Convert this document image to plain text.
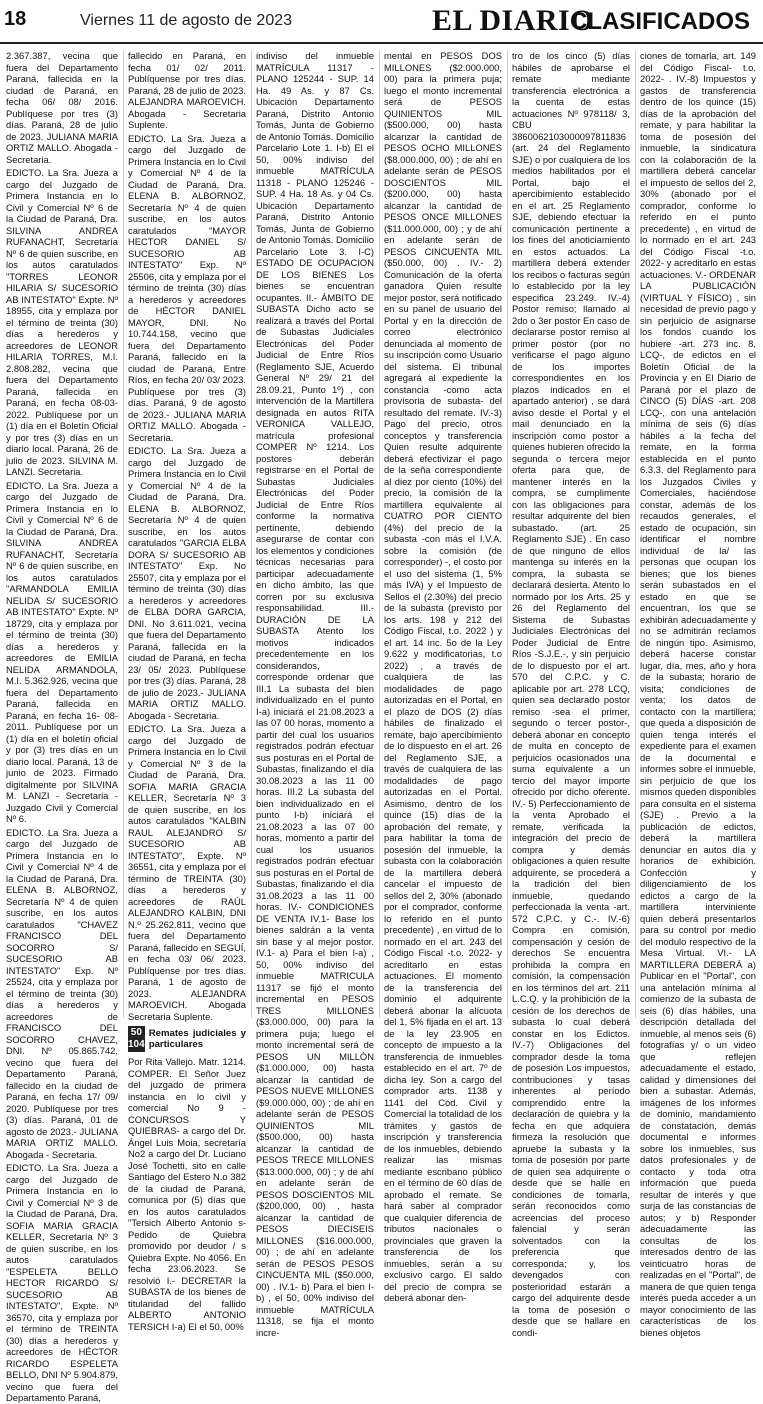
18	Viernes 11 de agosto de 2023	EL DIARIO
CLASIFICADOS

2.367.387, vecina que fuera del Departamento Paraná, fallecida en la ciudad de Paraná, en fecha 06/ 08/ 2016. Publíquese por tres (3) días. Paraná, 28 de julio de 2023. JULIANA MARIA ORTIZ MALLO. Abogada - Secretaria.

EDICTO. La Sra. Jueza a cargo del Juzgado de Primera Instancia en lo Civil y Comercial Nº 6 de la Ciudad de Paraná, Dra. SILVINA ANDREA RUFANACHT, Secretaría Nº 6 de quien suscribe, en los autos caratulados "TORRES LEONOR HILARIA S/ SUCESORIO AB INTESTATO" Expte. Nº 18955, cita y emplaza por el término de treinta (30) días a herederos y acreedores de LEONOR HILARIA TORRES, M.I. 2.808.282, vecina que fuera del Departamento Paraná, fallecida en Paraná, en fecha 08-03- 2022. Publíquese por un (1) día en el Boletín Oficial y por tres (3) días en un diario local. Paraná, 26 de julio de 2023. SILVINA M. LANZI. Secretaria.

EDICTO. La Sra. Jueza a cargo del Juzgado de Primera Instancia en lo Civil y Comercial Nº 6 de la Ciudad de Paraná, Dra. SILVINA ANDREA RUFANACHT, Secretaría Nº 6 de quien suscribe, en los autos caratulados "ARMANDOLA EMILIA NELIDA S/ SUCESORIO AB INTESTATO" Expte. Nº 18729, cita y emplaza por el término de treinta (30) días a herederos y acreedores de EMILIA NELIDA ARMANDOLA, M.I. 5.362.926, vecina que fuera del Departamento Paraná, fallecida en Paraná, en fecha 16- 08- 2011. Publíquese por un (1) día en el boletín oficial y por (3) tres días en un diario local. Paraná, 13 de junio de 2023. Firmado digitalmente por SILVINA M. LANZI - Secretaria - Juzgado Civil y Comercial Nº 6.

EDICTO. La Sra. Jueza a cargo del Juzgado de Primera Instancia en lo Civil y Comercial Nº 4 de la Ciudad de Paraná, Dra. ELENA B. ALBORNOZ, Secretaría Nº 4 de quien suscribe, en los autos caratulados "CHAVEZ FRANCISCO DEL SOCORRO S/ SUCESORIO AB INTESTATO" Exp. Nº 25524, cita y emplaza por el término de treinta (30) días a herederos y acreedores de FRANCISCO DEL SOCORRO CHAVEZ, DNI. Nº 05.865.742, vecino que fuera del Departamento Paraná, fallecido en la ciudad de Paraná, en fecha 17/ 09/ 2020. Publíquese por tres (3) días. Paraná, 01 de agosto de 2023.- JULIANA MARIA ORTIZ MALLO. Abogada - Secretaria.

EDICTO. La Sra. Jueza a cargo del Juzgado de Primera Instancia en lo Civil y Comercial Nº 3 de la Ciudad de Paraná, Dra. SOFIA MARIA GRACIA KELLER, Secretaría Nº 3 de quien suscribe, en los autos caratulados "ESPELETA BELLO HECTOR RICARDO S/ SUCESORIO AB INTESTATO", Expte. Nº 36570, cita y emplaza por el término de TREINTA (30) días a herederos y acreedores de HÉCTOR RICARDO ESPELETA BELLO, DNI Nº 5.904.879, vecino que fuera del Departamento Paraná,

fallecido en Paraná, en fecha 01/ 02/ 2011. Publíquense por tres días. Paraná, 28 de julio de 2023. ALEJANDRA MAROEVICH. Abogada - Secretaria Suplente.

EDICTO. La Sra. Jueza a cargo del Juzgado de Primera Instancia en lo Civil y Comercial Nº 4 de la Ciudad de Paraná, Dra. ELENA B. ALBORNOZ, Secretaría Nº 4 de quien suscribe, en los autos caratulados "MAYOR HECTOR DANIEL S/ SUCESORIO AB INTESTATO" Exp. Nº 25506, cita y emplaza por el término de treinta (30) días a herederos y acreedores de HÉCTOR DANIEL MAYOR, DNI. No 10.744.158, vecino que fuera del Departamento Paraná, fallecido en la ciudad de Paraná, Entre Ríos, en fecha 20/ 03/ 2023. Publíquese por tres (3) días. Paraná, 9 de agosto de 2023.- JULIANA MARIA ORTIZ MALLO. Abogada - Secretaria.

EDICTO. La Sra. Jueza a cargo del Juzgado de Primera Instancia en lo Civil y Comercial Nº 4 de la Ciudad de Paraná, Dra. ELENA B. ALBORNOZ, Secretaría Nº 4 de quien suscribe, en los autos caratulados "GARCIA ELBA DORA S/ SUCESORIO AB INTESTATO" Exp. No 25507, cita y emplaza por el término de treinta (30) días a herederos y acreedores de ELBA DORA GARCIA, DNI. No 3.611.021, vecina que fuera del Departamento Paraná, fallecida en la ciudad de Paraná, en fecha 23/ 05/ 2023. Publíquese por tres (3) días. Paraná, 28 de julio de 2023.- JULIANA MARIA ORTIZ MALLO. Abogada - Secretaria.

EDICTO. La Sra. Jueza a cargo del Juzgado de Primera Instancia en lo Civil y Comercial Nº 3 de la Ciudad de Paraná, Dra. SOFIA MARIA GRACIA KELLER, Secretaría Nº 3 de quien suscribe, en los autos caratulados "KALBIN RAUL ALEJANDRO S/ SUCESORIO AB INTESTATO", Expte. Nº 36551, cita y emplaza por el término de TREINTA (30) días a herederos y acreedores de RAÚL ALEJANDRO KALBIN, DNI N.º 25.262.811, vecino que fuera del Departamento Paraná, fallecido en SEGUÍ, en fecha 03/ 06/ 2023. Publíquense por tres días. Paraná, 1 de agosto de 2023. ALEJANDRA MAROEVICH. Abogada Secretaria Suplente.

50 104
Remates judiciales y particulares

Por Rita Vallejo. Matr. 1214. COMPER. El Señor Juez del juzgado de primera instancia en lo civil y comercial No 9 - CONCURSOS Y QUIEBRAS- a cargo del Dr. Ángel Luis Moia, secretaría No2 a cargo del Dr. Luciano José Tochetti, sito en calle Santiago del Estero N.o 382 de la ciudad de Paraná, comunica por (5) días que en los autos caratulados "Tersich Alberto Antonio s- Pedido de Quiebra promovido por deudor / s Quiebra Expte. No 4056. En fecha 23.06.2023. Se resolvió I.- DECRETAR la SUBASTA de los bienes de titularidad del fallido ALBERTO ANTONIO TERSICH I-a) El el 50, 00%

indiviso del inmueble MATRÍCULA 11317 - PLANO 125244 - SUP. 14 Ha. 49 As. y 87 Cs. Ubicación Departamento Paraná, Distrito Antonio Tomás, Junta de Gobierno de Antonio Tomás. Domicilio Parcelario Lote 1. I-b) El el 50, 00% indiviso del inmueble MATRÍCULA 11318 - PLANO 125246 - SUP. 4 Ha. 18 As. y 04 Cs. Ubicación Departamento Paraná, Distrito Antonio Tomás, Junta de Gobierno de Antonio Tomás. Domicilio Parcelario Lote 3. I-C) ESTADO DE OCUPACION DE LOS BIENES Los bienes se encuentran ocupantes. II.- ÁMBITO DE SUBASTA Dicho acto se realizará a través del Portal de Subastas Judiciales Electrónicas del Poder Judicial de Entre Ríos (Reglamento SJE, Acuerdo General Nº 29/ 21 del 28.09.21, Punto 1º) , con intervención de la Martillera designada en autos RITA VERONICA VALLEJO, matrícula profesional COMPER Nº 1214. Los postores deberán registrarse en el Portal de Subastas Judiciales Electrónicas del Poder Judicial de Entre Ríos conforme la normativa pertinente, debiendo asegurarse de contar con los elementos y condiciones técnicas necesarias para participar adecuadamente en dicho ámbito, las que corren por su exclusiva responsabilidad. III.- DURACIÓN DE LA SUBASTA Atento los motivos indicados precedentemente en los considerandos, corresponde ordenar que III.1 La subasta del bien individualizado en el punto I-a) iniciará el 21.08.2023 a las 07 00 horas, momento a partir del cual los usuarios registrados podrán efectuar sus posturas en el Portal de Subastas, finalizando el día 30.08.2023 a las 11 00 horas. III.2 La subasta del bien individualizado en el punto I-b) iniciará el 21.08.2023 a las 07 00 horas, momento a partir del cual los usuarios registrados podrán efectuar sus posturas en el Portal de Subastas, finalizando el día 31.08.2023 a las 11 00 horas. IV.- CONDICIONES DE VENTA IV.1- Base los bienes saldrán a la venta sin base y al mejor postor. IV.1- a) Para el bien I-a) , 50, 00% indiviso del inmueble MATRICULA 11317 se fijó el monto incremental en PESOS TRES MILLONES ($3.000.000, 00) para la primera puja; luego el monto incremental será de PESOS UN MILLÓN ($1.000.000, 00) hasta alcanzar la cantidad de PESOS NUEVE MILLONES ($9.000.000, 00) ; de ahí en adelante serán de PESOS QUINIENTOS MIL ($500.000, 00) hasta alcanzar la cantidad de PESOS TRECE MILLONES ($13.000.000, 00) ; y de ahí en adelante serán de PESOS DOSCIENTOS MIL ($200.000, 00) , hasta alcanzar la cantidad de PESOS DIECISEIS MILLONES ($16.000.000, 00) ; de ahí en adelante serán de PESOS PESOS CINCUENTA MIL ($50.000, 00) . IV.1- b) Para el bien I-b) , el 50, 00% indiviso del inmueble MATRÍCULA 11318, se fija el monto incre-

mental en PESOS DOS MILLONES ($2.000.000, 00) para la primera puja; luego el monto incremental será de PESOS QUINIENTOS MIL ($500.000, 00) hasta alcanzar la cantidad de PESOS OCHO MILLONES ($8.000.000, 00) ; de ahí en adelante serán de PESOS DOSCIENTOS MIL ($200.000, 00) hasta alcanzar la cantidad de PESOS ONCE MILLONES ($11.000.000, 00) ; y de ahí en adelante serán de PESOS CINCUENTA MIL ($50.000, 00) . IV.- 2) Comunicación de la oferta ganadora Quien resulte mejor postor, será notificado en su panel de usuario del Portal y en la dirección de correo electrónico denunciada al momento de su inscripción como Usuario del sistema. El tribunal agregará al expediente la constancia -como acta provisoria de subasta- del resultado del remate. IV.-3) Pago del precio, otros conceptos y transferencia Quien resulte adquirente deberá efectivizar el pago de la seña correspondiente al diez por ciento (10%) del precio, la comisión de la martillera equivalente al CUATRO POR CIENTO (4%) del precio de la subasta -con más el I.V.A. sobre la comisión (de corresponder) -, el costo por el uso del sistema (1, 5% más IVA) y el Impuesto de Sellos el (2.30%) del precio de la subasta (previsto por los arts. 198 y 212 del Código Fiscal, t.o. 2022 ) y el art. 14 inc. 5o de la Ley 9.622 y modificatorias, t.o 2022) , a través de cualquiera de las modalidades de pago autorizadas en el Portal, en el plazo de DOS (2) días hábiles de finalizado el remate, bajo apercibimiento de lo dispuesto en el art. 26 del Reglamento SJE, a través de cualquiera de las modalidades de pago autorizadas en el Portal. Asimismo, dentro de los quince (15) días de la aprobación del remate, y para habilitar la toma de posesión del inmueble, la subasta con la colaboración de la martillera deberá cancelar el impuesto de sellos del 2, 30% (abonado por el comprador, conforme lo referido en el punto precedente) , en virtud de lo normado en el art. 243 del Código Fiscal -t.o. 2022- y acreditarlo en estas actuaciones. El momento de la transferencia del dominio el adquirente deberá abonar la alícuota del 1, 5% fijada en el art. 13 de la ley 23.905 en concepto de impuesto a la transferencia de inmuebles establecido en el art. 7º de dicha ley. Son a cargo del comprador arts. 1138 y 1141 del Cód. Civil y Comercial la totalidad de los trámites y gastos de inscripción y transferencia de los inmuebles, debiendo realizar las mismas mediante escribano público en el término de 60 días de aprobado el remate. Se hará saber al comprador que cualquier diferencia de tributos nacionales o provinciales que graven la transferencia de los inmuebles, serán a su exclusivo cargo. El saldo del precio de compra se deberá abonar den-

tro de los cinco (5) días hábiles de aprobarse el remate mediante transferencia electrónica a la cuenta de estas actuaciones Nº 978118/ 3, CBU 3860062103000097811836 (art. 24 del Reglamento SJE) o por cualquiera de los medios habilitados por el Portal, bajo el apercibimiento establecido en el art. 25 Reglamento SJE, debiendo efectuar la comunicación pertinente a los fines del anoticiamiento en estos actuados. La martillera deberá extender los recibos o facturas según lo establecido por la ley especifica 23.249. IV.-4) Postor remiso; llamado al 2do o 3er postor En caso de declararse postor remiso al primer postor (por no verificarse el pago alguno de los importes correspondientes en los plazos indicados en el apartado anterior) , se dará aviso desde el Portal y el mail denunciado en la inscripción como postor a quienes hubieren ofrecido la segunda o tercera mejor oferta para que, de mantener interés en la compra, se cumplimente con las obligaciones para resultar adquirente del bien subastado. (art. 25 Reglamento SJE) . En caso de que ninguno de ellos mantenga su interés en la compra, la subasta se declarará desierta. Atento lo normado por los Arts. 25 y 26 del Reglamento del Sistema de Subastas Judiciales Electrónicas del Poder Judicial de Entre Ríos -S.J.E.-, y sin perjuicio de lo dispuesto por el art. 570 del C.P.C. y C. aplicable por art. 278 LCQ, quien sea declarado postor remiso -sea el primer, segundo o tercer postor-, deberá abonar en concepto de multa en concepto de perjuicios ocasionados una suma equivalente a un tercio del mayor importe ofrecido por dicho oferente. IV.- 5) Perfeccionamiento de la venta Aprobado el remate, verificada la integración del precio de compra y demás obligaciones a quien resulte adquirente, se procederá a la tradición del bien inmueble, quedando perfeccionada la venta -art. 572 C.P.C. y C.-. IV.-6) Compra en comisión, compensación y cesión de derechos Se encuentra prohibida la compra en comisión, la compensación en los términos del art. 211 L.C.Q. y la prohibición de la cesión de los derechos de subasta lo cual deberá constar en los Edictos. IV.-7) Obligaciones del comprador desde la toma de posesión Los impuestos, contribuciones y tasas inherentes al período comprendido entre la declaración de quiebra y la fecha en que adquiera firmeza la resolución que apruebe la subasta y la toma de posesión por parte de quien sea adquirente o desde que se halle en condiciones de tomarla, serán reconocidos como acreencias del proceso falencial y serán solventados con la preferencia que corresponda; y, los devengados con posterioridad estarán a cargo del adquirente desde la toma de posesión o desde que se hallare en condi-

ciones de tomarla, art. 149 del Código Fiscal- t.o. 2022- . IV.-8) Impuestos y gastos de transferencia dentro de los quince (15) días de la aprobación del remate, y para habilitar la toma de posesión del inmueble, la sindicatura con la colaboración de la martillera deberá cancelar el impuesto de sellos del 2, 30% (abonado por el comprador, conforme lo referido en el punto precedente) , en virtud de lo normado en el art. 243 del Código Fiscal -t.o. 2022- y acreditarlo en estas actuaciones. V.- ORDENAR LA PUBLICACIÓN (VIRTUAL Y FÍSICO) , sin necesidad de previo pago y sin perjuicio de asignarse los fondos cuando los hubiere -art. 273 inc. 8, LCQ-, de edictos en el Boletín Oficial de la Provincia y en El Diario de Paraná por el plazo de CINCO (5) DÍAS -art. 208 LCQ-, con una antelación mínima de seis (6) días hábiles a la fecha del remate, en la forma establecida en el punto 6.3.3. del Reglamento para los Juzgados Civiles y Comerciales, haciéndose constar, además de los recaudos generales, el estado de ocupación, sin identificar el nombre individual de la/ las personas que ocupan los bienes; que los bienes serán subastados en el estado en que se encuentran, los que se exhibirán adecuadamente y no se admitirán reclamos de ningún tipo. Asimismo, deberá hacerse constar lugar, día, mes, año y hora de la subasta; horario de visita; condiciones de venta; los datos de contacto con la martillera; que queda a disposición de quien tenga interés el expediente para el examen de la documental e informes sobre el inmueble, sin perjuicio de que los mismos queden disponibles para consulta en el sistema (SJE) . Previo a la publicación de edictos, deberá la martillera denunciar en autos día y horarios de exhibición. Confección y diligenciamiento de los edictos a cargo de la martillera interviniente quien deberá presentarlos para su control por medio del modulo respectivo de la Mesa Virtual. VI.- LA MARTILLERA DEBERÁ a) Publicar en el "Portal", con una antelación mínima al comienzo de la subasta de seis (6) días hábiles, una descripción detallada del inmueble, al menos seis (6) fotografías y/ o un video que reflejen adecuadamente el estado, calidad y dimensiones del bien a subastar. Además, imágenes de los informes de dominio, mandamiento de constatación, demás documental e informes sobre los inmuebles, sus datos profesionales y de contacto y toda otra información que pueda resultar de interés y que surja de las constancias de autos; y b) Responder adecuadamente las consultas de los interesados dentro de las veinticuatro horas de realizadas en el "Portal", de manera de que quien tenga interés pueda acceder a un mayor conocimiento de las características de los bienes objetos
